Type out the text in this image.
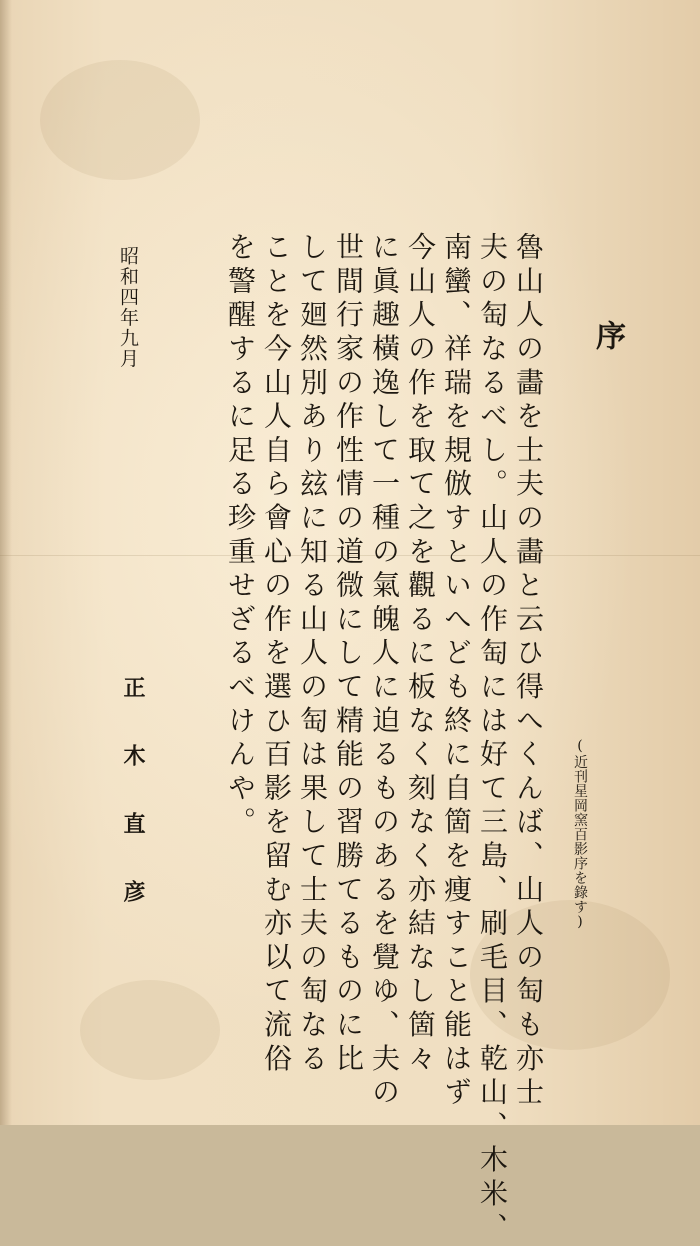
序
(近刊星岡窯百影序を錄す)
魯山人の畵を士夫の畵と云ひ得へくんば、山人の匋も亦士
夫の匋なるべし。山人の作匋には好て三島、刷毛目、乾山、木米、
南蠻、祥瑞を規倣すといへども終に自箇を痩すこと能はず
今山人の作を取て之を觀るに板なく刻なく亦結なし箇々
に眞趣橫逸して一種の氣魄人に迫るものあるを覺ゆ、夫の
世間行家の作性情の道微にして精能の習勝てるものに比
して廻然別あり玆に知る山人の匋は果して士夫の匋なる
ことを今山人自ら會心の作を選ひ百影を留む亦以て流俗
を警醒するに足る珍重せざるべけんや。
昭和四年九月
正木直彦
